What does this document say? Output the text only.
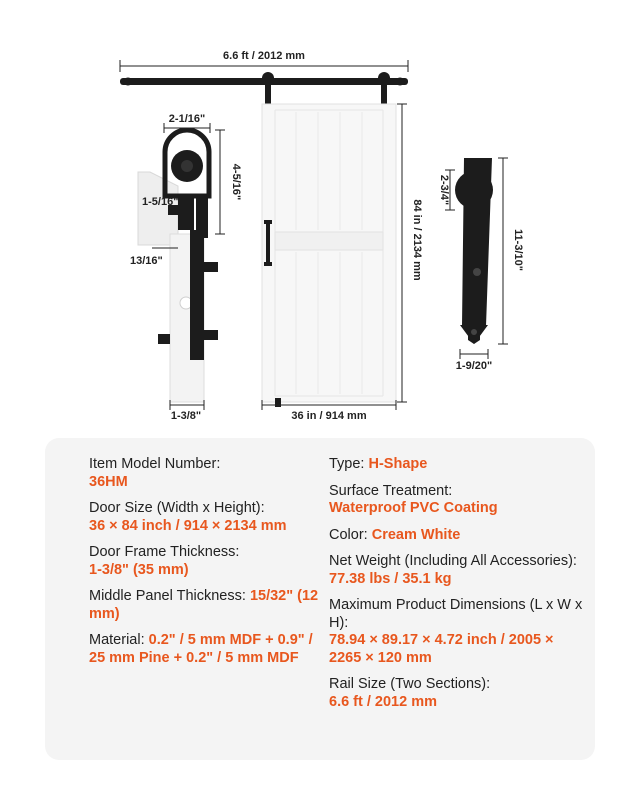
6.6 ft / 2012 mm
84 in / 2134 mm
36 in / 914 mm
2-1/16"
4-5/16"
1-5/16"
13/16"
1-3/8"
2-3/4"
11-3/10"
1-9/20"
Item Model Number:
36HM
Door Size (Width x Height):
36 × 84 inch / 914 × 2134 mm
Door Frame Thickness:
1-3/8" (35 mm)
Middle Panel Thickness: 15/32" (12 mm)
Material: 0.2" / 5 mm MDF + 0.9" / 25 mm Pine + 0.2" / 5 mm MDF
Type: H-Shape
Surface Treatment:
Waterproof PVC Coating
Color: Cream White
Net Weight (Including All Accessories):
77.38 lbs / 35.1 kg
Maximum Product Dimensions (L x W x H):
78.94 × 89.17 × 4.72 inch / 2005 × 2265 × 120 mm
Rail Size (Two Sections):
6.6 ft / 2012 mm
